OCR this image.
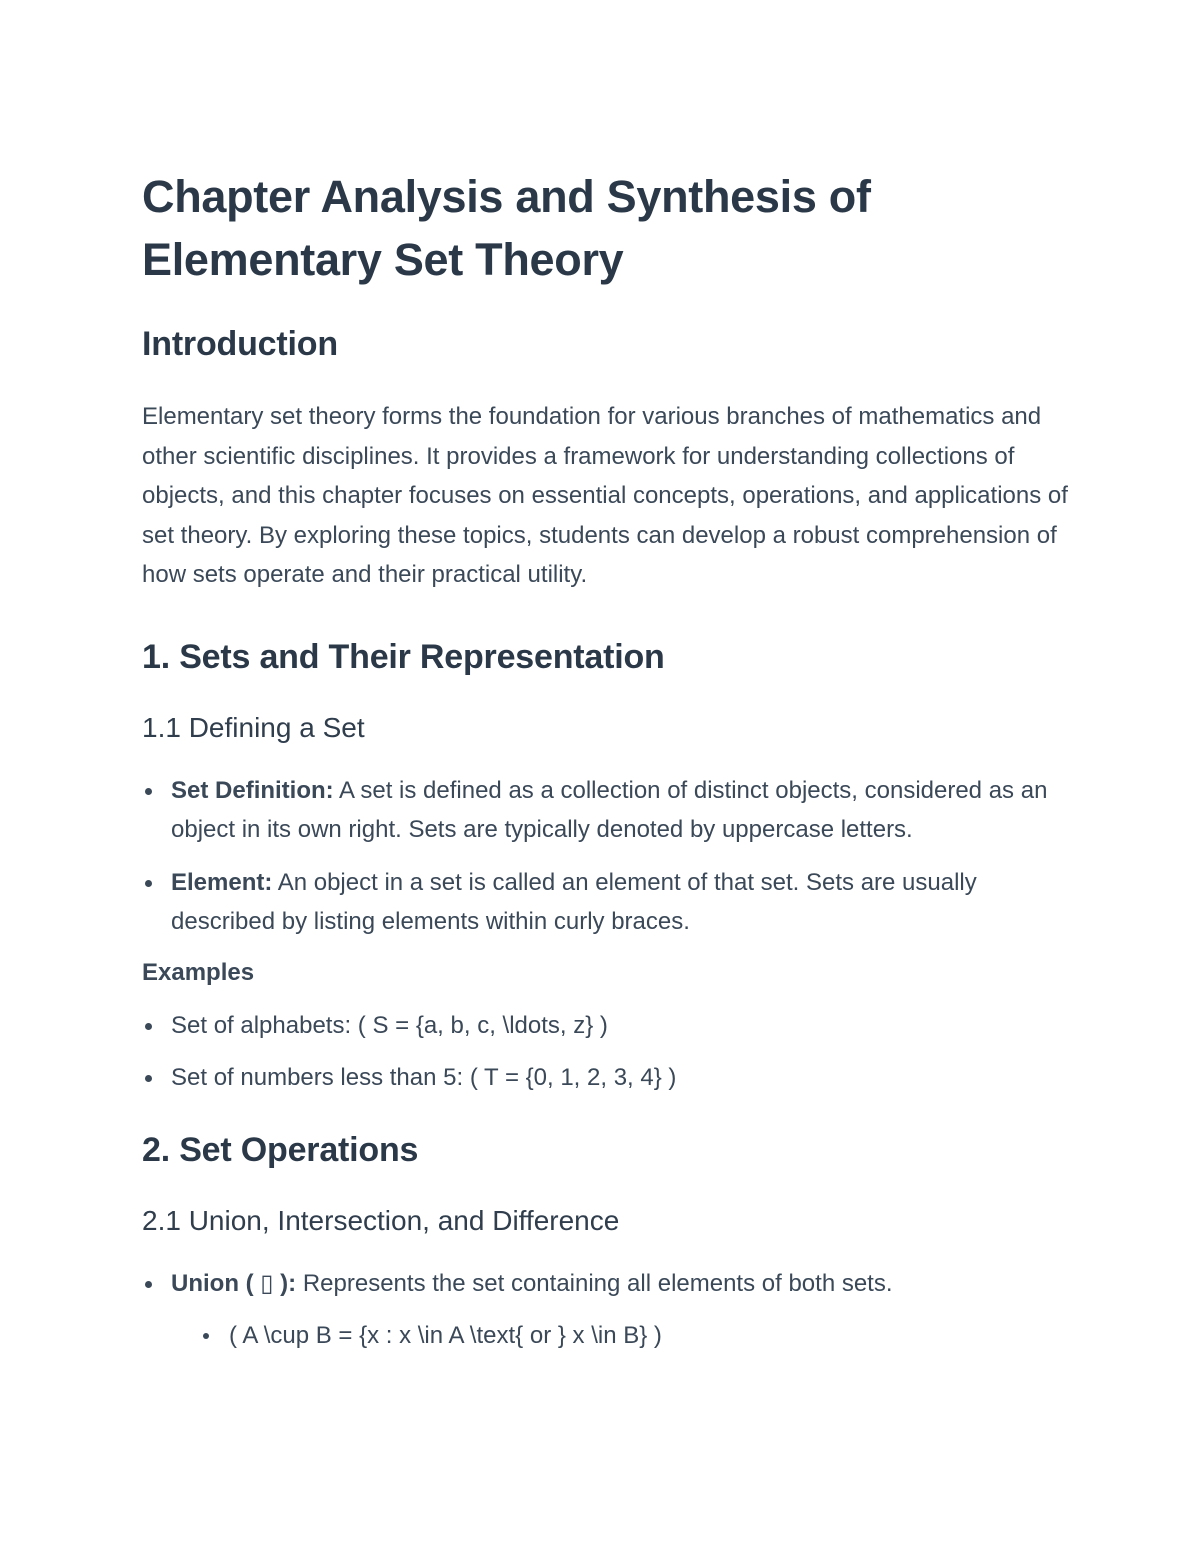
Chapter Analysis and Synthesis of Elementary Set Theory
Introduction

Elementary set theory forms the foundation for various branches of mathematics and other scientific disciplines. It provides a framework for understanding collections of objects, and this chapter focuses on essential concepts, operations, and applications of set theory. By exploring these topics, students can develop a robust comprehension of how sets operate and their practical utility.

1. Sets and Their Representation
1.1 Defining a Set
Set Definition: A set is defined as a collection of distinct objects, considered as an object in its own right. Sets are typically denoted by uppercase letters.
Element: An object in a set is called an element of that set. Sets are usually described by listing elements within curly braces.
Examples
Set of alphabets: ( S = {a, b, c, \ldots, z} )
Set of numbers less than 5: ( T = {0, 1, 2, 3, 4} )
2. Set Operations
2.1 Union, Intersection, and Difference
Union ( ▯ ): Represents the set containing all elements of both sets.
( A \cup B = {x : x \in A \text{ or } x \in B} )
